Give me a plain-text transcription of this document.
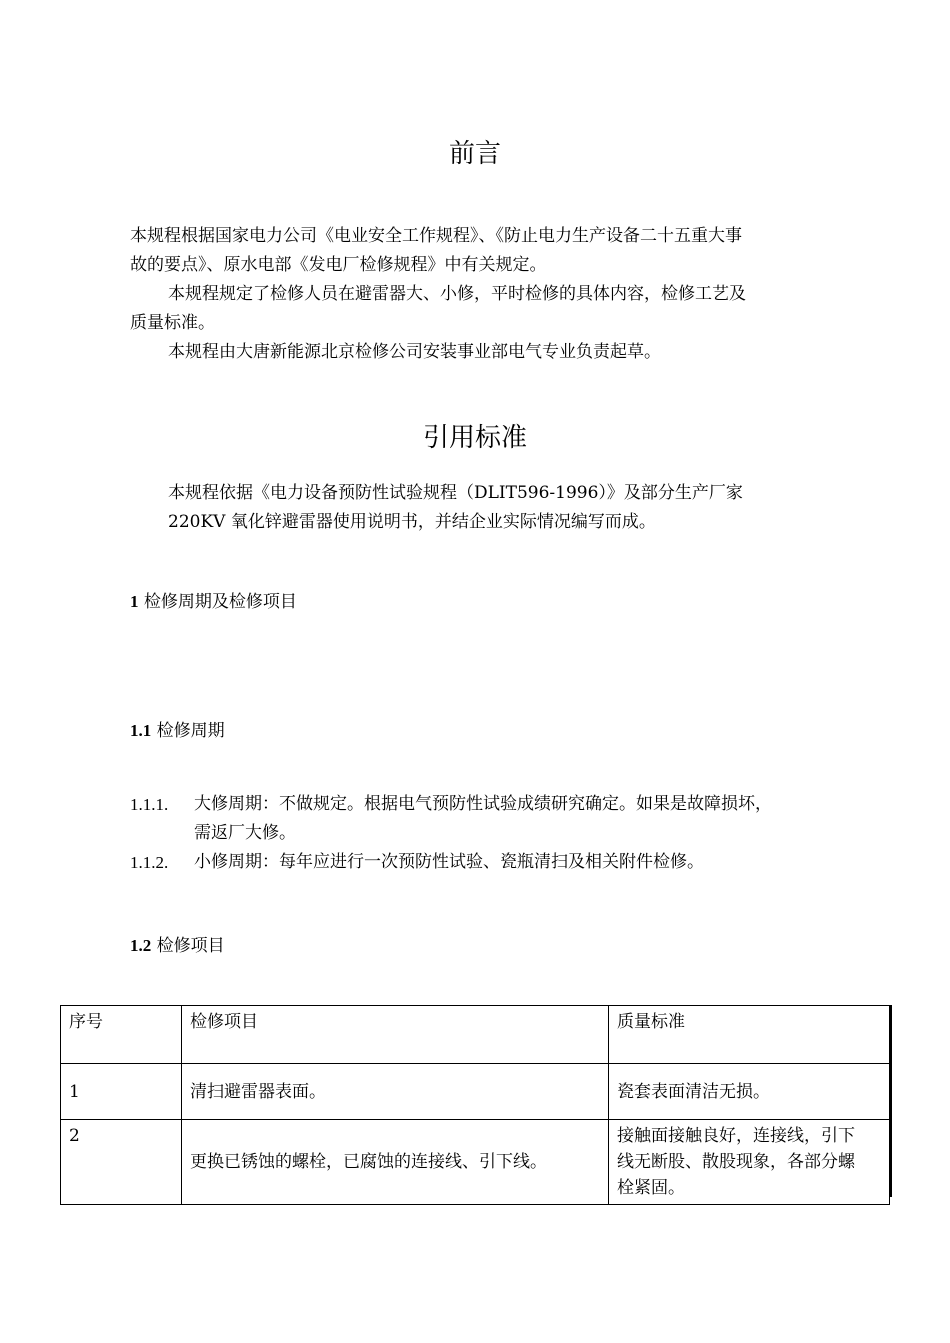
前言
本规程根据国家电力公司《电业安全工作规程》、《防止电力生产设备二十五重大事
故的要点》、原水电部《发电厂检修规程》中有关规定。
本规程规定了检修人员在避雷器大、小修，平时检修的具体内容，检修工艺及
质量标准。
本规程由大唐新能源北京检修公司安装事业部电气专业负责起草。
引用标准
本规程依据《电力设备预防性试验规程（DLIT596-1996）》及部分生产厂家
220KV 氧化锌避雷器使用说明书，并结企业实际情况编写而成。
1 检修周期及检修项目
1.1 检修周期
1.1.1. 大修周期：不做规定。根据电气预防性试验成绩研究确定。如果是故障损坏，
需返厂大修。
1.1.2. 小修周期：每年应进行一次预防性试验、瓷瓶清扫及相关附件检修。
1.2 检修项目
序号	检修项目	质量标准
1	清扫避雷器表面。	瓷套表面清洁无损。
2	更换已锈蚀的螺栓，已腐蚀的连接线、引下线。	接触面接触良好，连接线，引下
线无断股、散股现象，各部分螺
栓紧固。
